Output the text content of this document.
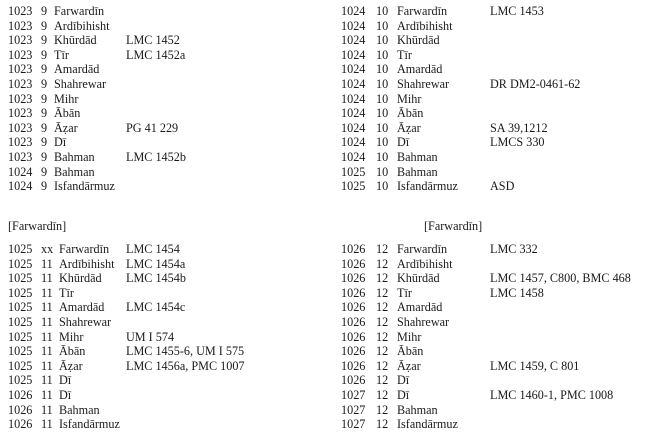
1023 9 Farwardīn
1023 9 Ardībihisht
1023 9 Khūrdād LMC 1452
1023 9 Tīr	LMC 1452a
1023 9 Amardād
1023 9 Shahrewar
1023 9 Mihr
1023 9 Ābān
1023 9 Āẓar	PG 41 229
1023 9 Dī
1023 9 Bahman	LMC 1452b
1024 9 Bahman
1024 9 Isfandārmuz
1024 10 Farwardīn	LMC 1453
1024 10 Ardībihisht
1024 10 Khūrdād
1024 10 Tīr
1024 10 Amardād
1024 10 Shahrewar	DR DM2-0461-62
1024 10 Mihr
1024 10 Ābān
1024 10 Āẓar	SA 39,1212
1024 10 Dī	LMCS 330
1024 10 Bahman
1025 10 Bahman
1025 10 Isfandārmuz	ASD
[Farwardīn]	[Farwardīn]
1025 xx Farwardīn LMC 1454
1025 11 Ardībihisht LMC 1454a
1025 11 Khūrdād LMC 1454b
1025 11 Tīr
1025 11 Amardād LMC 1454c
1025 11 Shahrewar
1025 11 Mihr	UM I 574
1025 11 Ābān	LMC 1455-6, UM I 575
1025 11 Āẓar	LMC 1456a, PMC 1007
1025 11 Dī
1026 11 Dī
1026 11 Bahman
1026 11 Isfandārmuz
1026 12 Farwardīn	LMC 332
1026 12 Ardībihisht
1026 12 Khūrdād	LMC 1457, C800, BMC 468
1026 12 Tīr	LMC 1458
1026 12 Amardād
1026 12 Shahrewar
1026 12 Mihr
1026 12 Ābān
1026 12 Āẓar	LMC 1459, C 801
1026 12 Dī
1027 12 Dī	LMC 1460-1, PMC 1008
1027 12 Bahman
1027 12 Isfandārmuz
